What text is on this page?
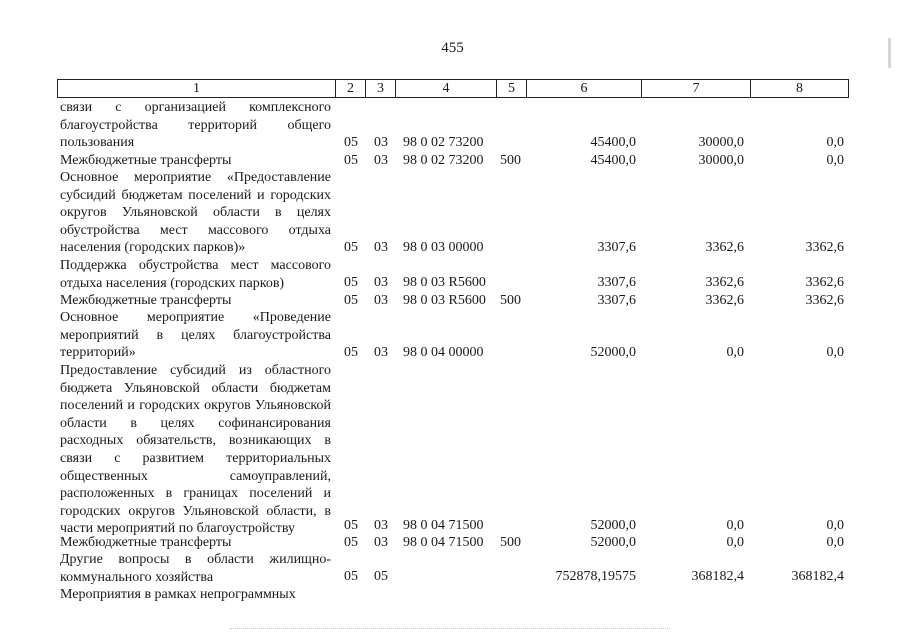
455
1	2	3	4	5	6	7	8
связи с организацией комплексного благоустройства территорий общего пользования	05 03 98 0 02 73200	45400,0	30000,0	0,0
Межбюджетные трансферты	05 03 98 0 02 73200 500	45400,0	30000,0	0,0
Основное мероприятие «Предоставление субсидий бюджетам поселений и городских округов Ульяновской области в целях обустройства мест массового отдыха населения (городских парков)»	05 03 98 0 03 00000	3307,6	3362,6	3362,6
Поддержка обустройства мест массового отдыха населения (городских парков)	05 03 98 0 03 R5600	3307,6	3362,6	3362,6
Межбюджетные трансферты	05 03 98 0 03 R5600 500	3307,6	3362,6	3362,6
Основное мероприятие «Проведение мероприятий в целях благоустройства территорий»	05 03 98 0 04 00000	52000,0	0,0	0,0
Предоставление субсидий из областного бюджета Ульяновской области бюджетам поселений и городских округов Ульяновской области в целях софинансирования расходных обязательств, возникающих в связи с развитием территориальных общественных самоуправлений, расположенных в границах поселений и городских округов Ульяновской области, в части мероприятий по благоустройству	05 03 98 0 04 71500	52000,0	0,0	0,0
Межбюджетные трансферты	05 03 98 0 04 71500 500	52000,0	0,0	0,0
Другие вопросы в области жилищно-коммунального хозяйства	05 05	752878,19575	368182,4	368182,4
Мероприятия в рамках непрограммных
